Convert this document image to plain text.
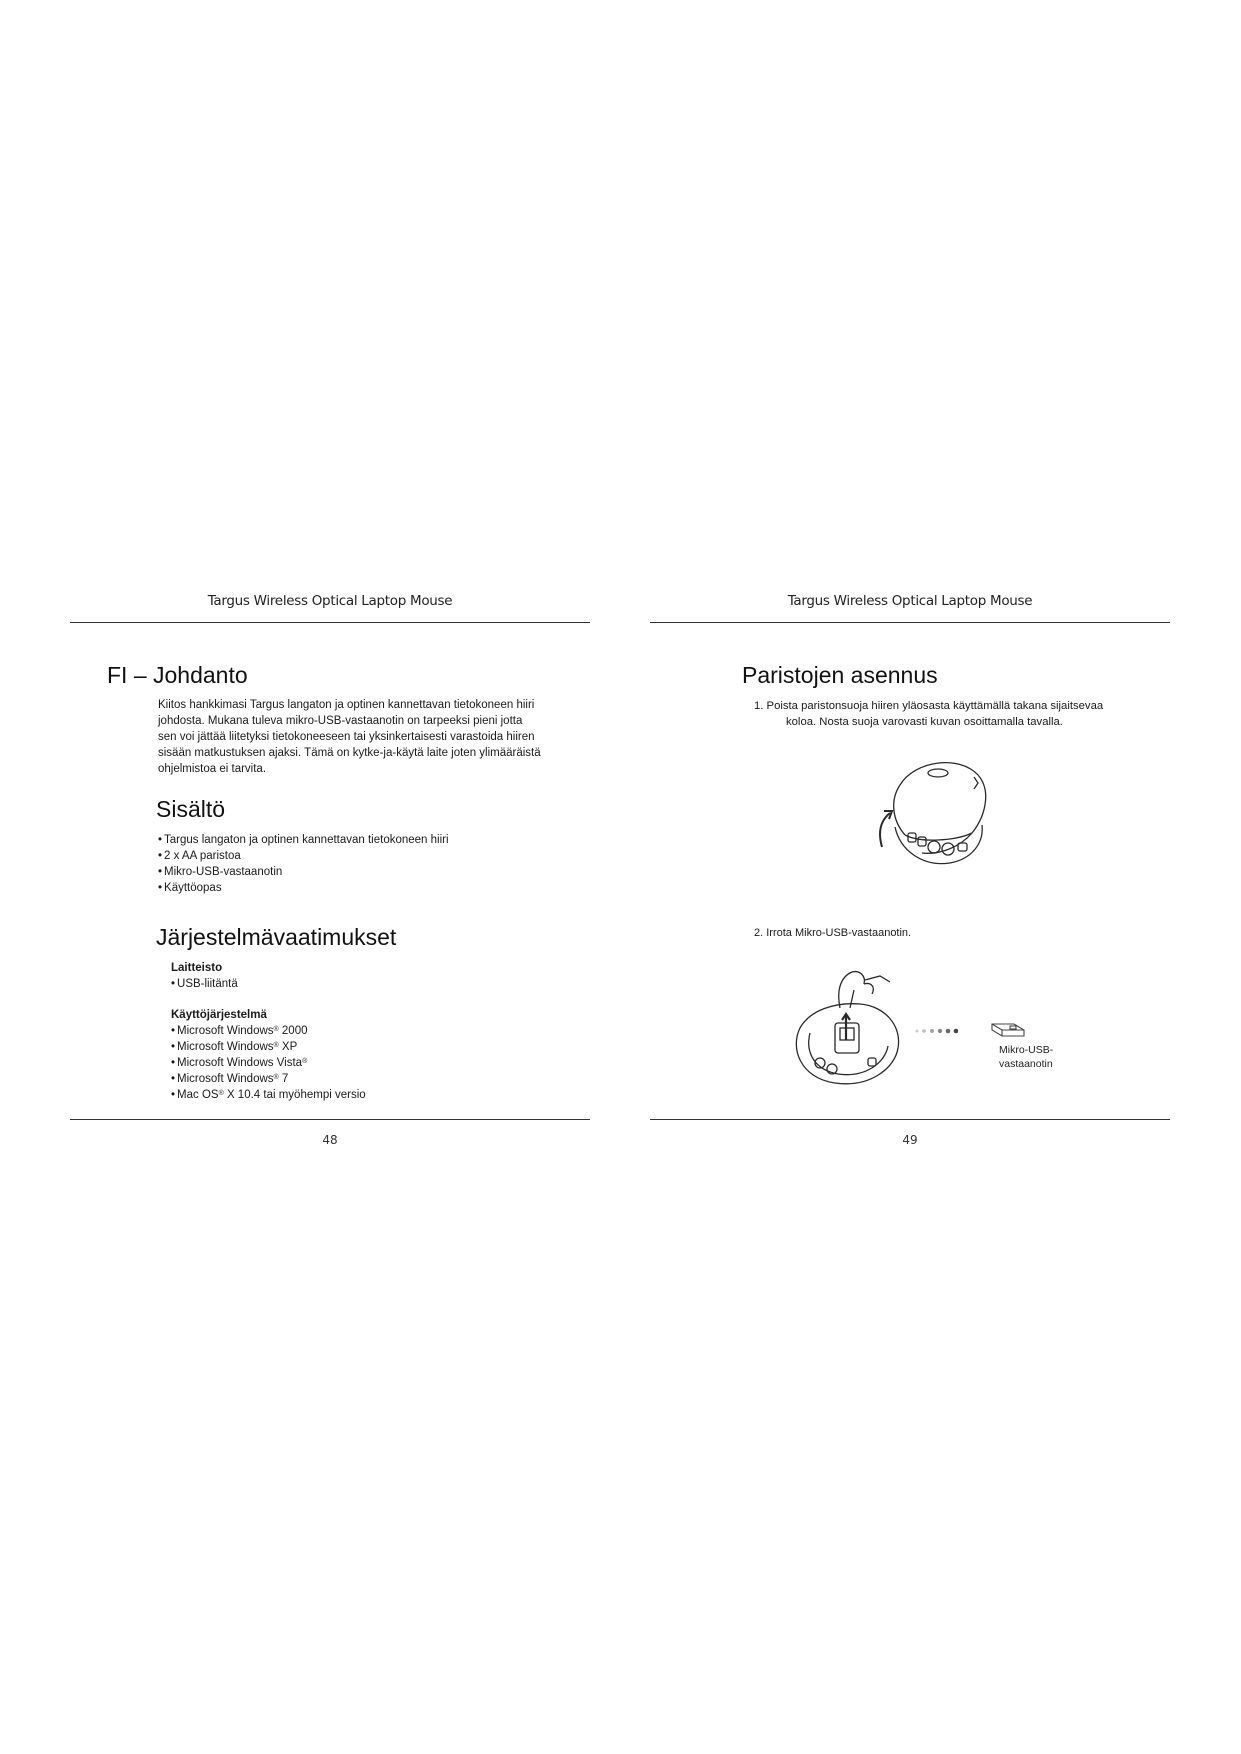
Targus Wireless Optical Laptop Mouse
FI – Johdanto

Kiitos hankkimasi Targus langaton ja optinen kannettavan tietokoneen hiiri

johdosta. Mukana tuleva mikro-USB-vastaanotin on tarpeeksi pieni jotta

sen voi jättää liitetyksi tietokoneeseen tai yksinkertaisesti varastoida hiiren

sisään matkustuksen ajaksi. Tämä on kytke-ja-käytä laite joten ylimääräistä

ohjelmistoa ei tarvita.

Sisältö
• Targus langaton ja optinen kannettavan tietokoneen hiiri
• 2 x AA paristoa
• Mikro-USB-vastaanotin
• Käyttöopas
Järjestelmävaatimukset

Laitteisto

• USB-liitäntä

Käyttöjärjestelmä

• Microsoft Windows® 2000
• Microsoft Windows® XP
• Microsoft Windows Vista®
• Microsoft Windows® 7
• Mac OS® X 10.4 tai myöhempi versio
48
Targus Wireless Optical Laptop Mouse
Paristojen asennus

1. Poista paristonsuoja hiiren yläosasta käyttämällä takana sijaitsevaa

koloa. Nosta suoja varovasti kuvan osoittamalla tavalla.

2. Irrota Mikro-USB-vastaanotin.
Mikro-USB-
vastaanotin
49
